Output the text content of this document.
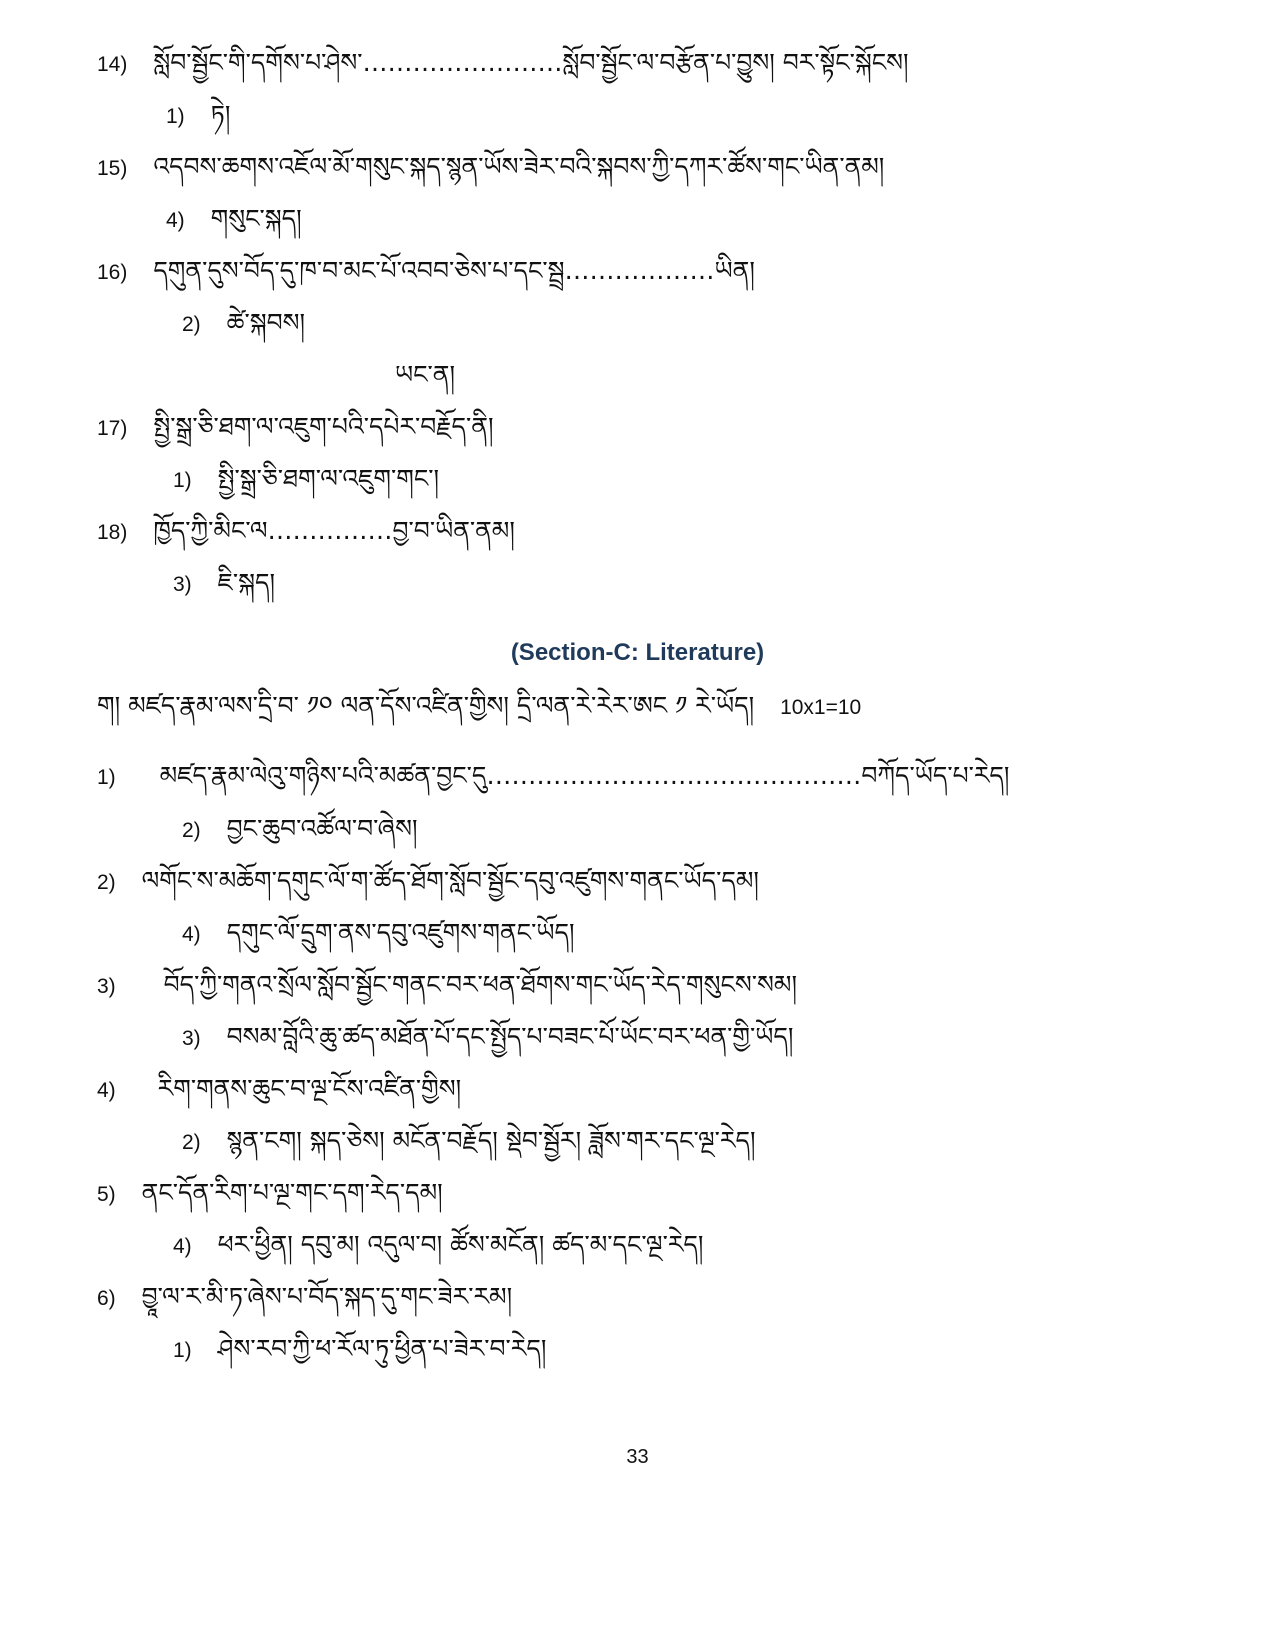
14) སློབ་སྦྱོང་གི་དགོས་པ་ཤེས་……………………སློབ་སྦྱོང་ལ་བརྩོན་པ་བྱུས། བར་སྟོང་སྐོངས།
1) ཏེ།
15) འདབས་ཆགས་འཇོལ་མོ་གསུང་སྐད་སྙན་ཡོས་ཟེར་བའི་སྐབས་ཀྱི་དཀར་ཚོས་གང་ཡིན་ནམ།
4) གསུང་སྐད།
16) དགུན་དུས་བོད་དུ་ཁ་བ་མང་པོ་འབབ་ཅེས་པ་དང་སྦྲ………………ཡིན།
2) ཚེ་སྐབས།
ཡང་ན།
17) སྤྱི་སྒྲ་ཅི་ཐག་ལ་འཇུག་པའི་དཔེར་བརྗོད་ནི།
1) སྤྱི་སྒྲ་ཅི་ཐག་ལ་འཇུག་གང་།
18) ཁྱོད་ཀྱི་མིང་ལ……………བྱ་བ་ཡིན་ནམ།
3) ཇི་སྐད།
(Section-C: Literature)
ག། མཛད་རྣམ་ལས་དྲི་བ་ ༡༠ ལན་དོས་འཛིན་གྱིས། དྲི་ལན་རེ་རེར་ཨང ༡ རེ་ཡོད། 10x1=10
1) མཛད་རྣམ་ལེའུ་གཉིས་པའི་མཚན་བྱང་དུ………………………………………བཀོད་ཡོད་པ་རེད།
2) བྱང་ཆུབ་འཚོལ་བ་ཞེས།
2) ལགོང་ས་མཆོག་དགུང་ལོ་ག་ཚོད་ཐོག་སློབ་སྦྱོང་དབུ་འཛུགས་གནང་ཡོད་དམ།
4) དགུང་ལོ་དྲུག་ནས་དབུ་འཛུགས་གནང་ཡོད།
3) བོད་ཀྱི་གནའ་སྲོལ་སློབ་སྦྱོང་གནང་བར་ཕན་ཐོགས་གང་ཡོད་རེད་གསུངས་སམ།
3) བསམ་བློའི་ཆུ་ཚད་མཐོན་པོ་དང་སྤྱོད་པ་བཟང་པོ་ཡོང་བར་ཕན་གྱི་ཡོད།
4) རིག་གནས་ཆུང་བ་ལྔ་ངོས་འཛིན་གྱིས།
2) སྙན་ངག། སྐད་ཅེས། མངོན་བརྗོད། སྡེབ་སྦྱོར། ཟློས་གར་དང་ལྔ་རེད།
5) ནང་དོན་རིག་པ་ལྔ་གང་དག་རེད་དམ།
4) ཕར་ཕྱིན། དབུ་མ། འདུལ་བ། ཚོས་མངོན། ཚད་མ་དང་ལྔ་རེད།
6) བྱཱ་ལ་ར་མི་ཏ་ཞེས་པ་བོད་སྐད་དུ་གང་ཟེར་རམ།
1) ཤེས་རབ་ཀྱི་ཕ་རོལ་ཏུ་ཕྱིན་པ་ཟེར་བ་རེད།
33
